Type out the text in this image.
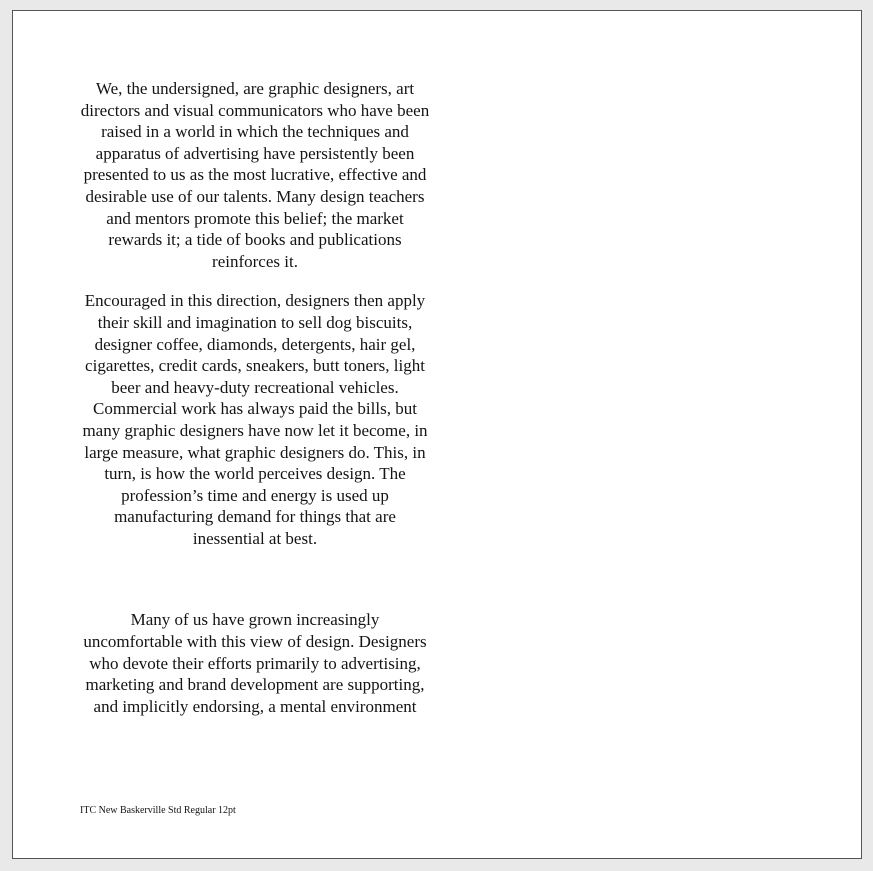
We, the undersigned, are graphic designers, art directors and visual communicators who have been raised in a world in which the techniques and apparatus of advertising have persistently been presented to us as the most lucrative, effective and desirable use of our talents. Many design teachers and mentors promote this belief; the market rewards it; a tide of books and publications reinforces it.

Encouraged in this direction, designers then apply their skill and imagination to sell dog biscuits, designer coffee, diamonds, detergents, hair gel, cigarettes, credit cards, sneakers, butt toners, light beer and heavy-duty recreational vehicles. Commercial work has always paid the bills, but many graphic designers have now let it become, in large measure, what graphic designers do. This, in turn, is how the world perceives design. The profession’s time and energy is used up manufacturing demand for things that are inessential at best.

Many of us have grown increasingly uncomfortable with this view of design. Designers who devote their efforts primarily to advertising, marketing and brand development are supporting, and implicitly endorsing, a mental environment

ITC New Baskerville Std Regular 12pt
